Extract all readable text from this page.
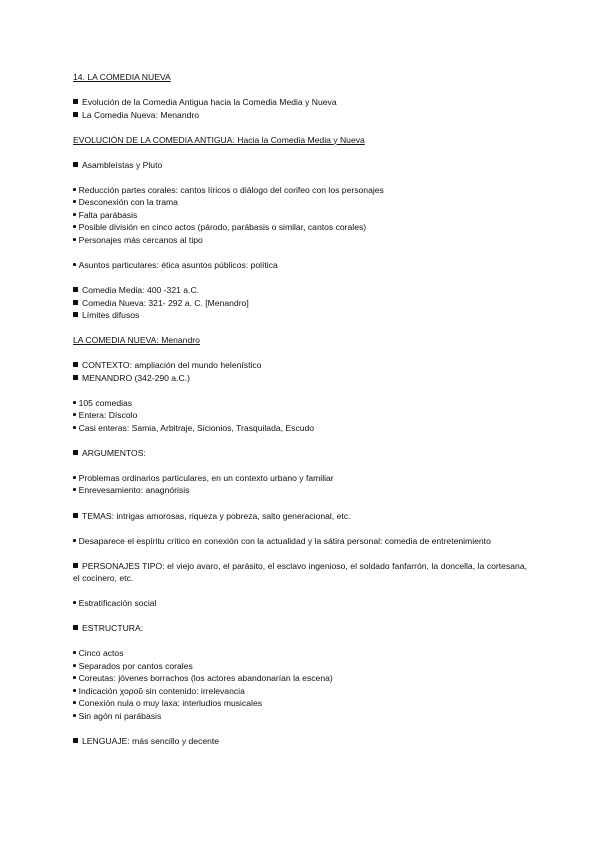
14. LA COMEDIA NUEVA
Evolución de la Comedia Antigua hacia la Comedia Media y Nueva
La Comedia Nueva: Menandro
EVOLUCIÓN DE LA COMEDIA ANTIGUA: Hacia la Comedia Media y Nueva
Asambleístas y Pluto
Reducción partes corales: cantos líricos o diálogo del corifeo con los personajes
Desconexión con la trama
Falta parábasis
Posible división en cinco actos (párodo, parábasis o similar, cantos corales)
Personajes más cercanos al tipo
Asuntos particulares: ética asuntos públicos: política
Comedia Media: 400 -321 a.C.
Comedia Nueva: 321- 292 a. C. [Menandro]
Límites difusos
LA COMEDIA NUEVA: Menandro
CONTEXTO: ampliación del mundo helenístico
MENANDRO (342-290 a.C.)
105 comedias
Entera: Díscolo
Casi enteras: Samia, Arbitraje, Sicionios, Trasquilada, Escudo
ARGUMENTOS:
Problemas ordinarios particulares, en un contexto urbano y familiar
Enrevesamiento: anagnórisis
TEMAS: intrigas amorosas, riqueza y pobreza, salto generacional, etc.
Desaparece el espíritu crítico en conexión con la actualidad y la sátira personal: comedia de entretenimiento
PERSONAJES TIPO: el viejo avaro, el parásito, el esclavo ingenioso, el soldado fanfarrón, la doncella, la cortesana, el cocinero, etc.
Estratificación social
ESTRUCTURA:
Cinco actos
Separados por cantos corales
Coreutas: jóvenes borrachos (los actores abandonarían la escena)
Indicación χοροῦ sin contenido: irrelevancia
Conexión nula o muy laxa: interludios musicales
Sin agón ni parábasis
LENGUAJE: más sencillo y decente
